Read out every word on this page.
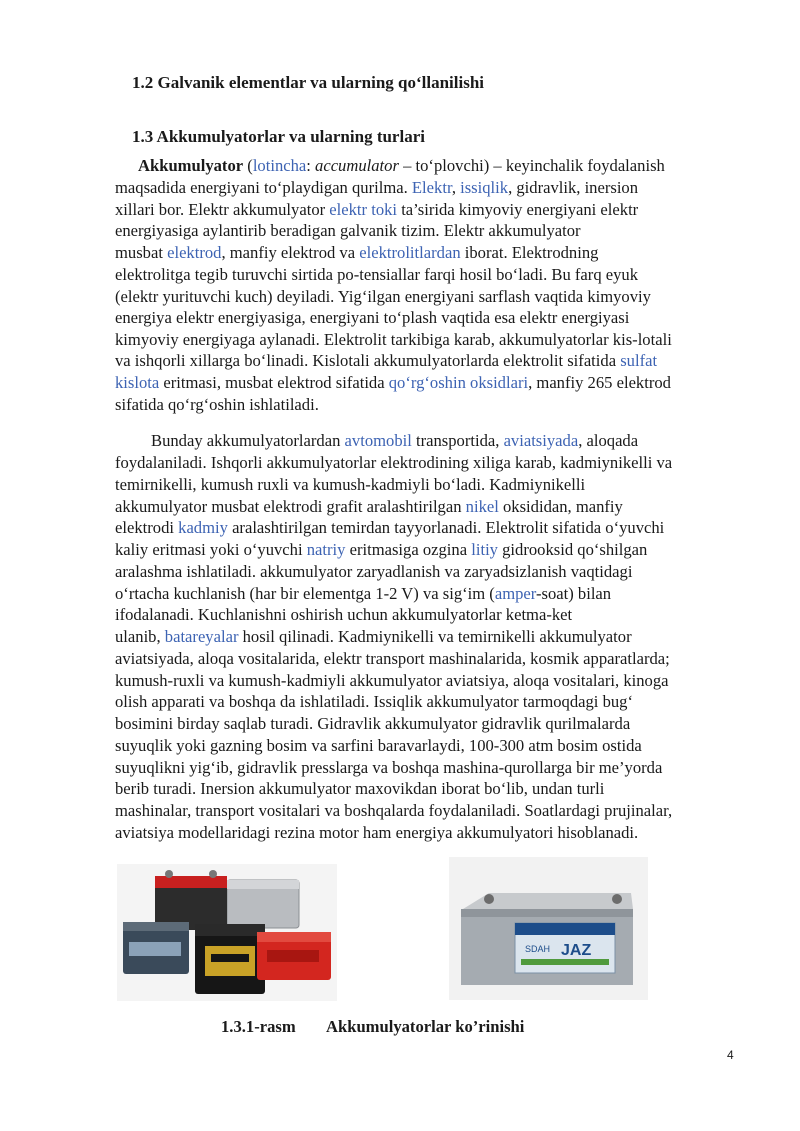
1.2 Galvanik elementlar va ularning qo‘llanilishi
1.3 Akkumulyatorlar va ularning turlari
Akkumulyator (lotincha: accumulator – to‘plovchi) – keyinchalik foydalanish
maqsadida energiyani to‘playdigan qurilma. Elektr, issiqlik, gidravlik, inersion
xillari bor. Elektr akkumulyator elektr toki ta’sirida kimyoviy energiyani elektr
energiyasiga aylantirib beradigan galvanik tizim. Elektr akkumulyator
musbat elektrod, manfiy elektrod va elektrolitlardan iborat. Elektrodning
elektrolitga tegib turuvchi sirtida po-tensiallar farqi hosil bo‘ladi. Bu farq eyuk
(elektr yurituvchi kuch) deyiladi. Yig‘ilgan energiyani sarflash vaqtida kimyoviy
energiya elektr energiyasiga, energiyani to‘plash vaqtida esa elektr energiyasi
kimyoviy energiyaga aylanadi. Elektrolit tarkibiga karab, akkumulyatorlar kis-lotali
va ishqorli xillarga bo‘linadi. Kislotali akkumulyatorlarda elektrolit sifatida sulfat
kislota eritmasi, musbat elektrod sifatida qo‘rg‘oshin oksidlari, manfiy 265 elektrod
sifatida qo‘rg‘oshin ishlatiladi.
Bunday akkumulyatorlardan avtomobil transportida, aviatsiyada, aloqada
foydalaniladi. Ishqorli akkumulyatorlar elektrodining xiliga karab, kadmiynikelli va
temirnikelli, kumush ruxli va kumush-kadmiyli bo‘ladi. Kadmiynikelli
akkumulyator musbat elektrodi grafit aralashtirilgan nikel oksididan, manfiy
elektrodi kadmiy aralashtirilgan temirdan tayyorlanadi. Elektrolit sifatida o‘yuvchi
kaliy eritmasi yoki o‘yuvchi natriy eritmasiga ozgina litiy gidrooksid qo‘shilgan
aralashma ishlatiladi. akkumulyator zaryadlanish va zaryadsizlanish vaqtidagi
o‘rtacha kuchlanish (har bir elementga 1-2 V) va sig‘im (amper-soat) bilan
ifodalanadi. Kuchlanishni oshirish uchun akkumulyatorlar ketma-ket
ulanib, batareyalar hosil qilinadi. Kadmiynikelli va temirnikelli akkumulyator
aviatsiyada, aloqa vositalarida, elektr transport mashinalarida, kosmik apparatlarda;
kumush-ruxli va kumush-kadmiyli akkumulyator aviatsiya, aloqa vositalari, kinoga
olish apparati va boshqa da ishlatiladi. Issiqlik akkumulyator tarmoqdagi bug‘
bosimini birday saqlab turadi. Gidravlik akkumulyator gidravlik qurilmalarda
suyuqlik yoki gazning bosim va sarfini baravarlaydi, 100-300 atm bosim ostida
suyuqlikni yig‘ib, gidravlik presslarga va boshqa mashina-qurollarga bir me’yorda
berib turadi. Inersion akkumulyator maxovikdan iborat bo‘lib, undan turli
mashinalar, transport vositalari va boshqalarda foydalaniladi. Soatlardagi prujinalar,
aviatsiya modellaridagi rezina motor ham energiya akkumulyatori hisoblanadi.
SDAH JAZ
1.3.1-rasm Akkumulyatorlar ko’rinishi
4
